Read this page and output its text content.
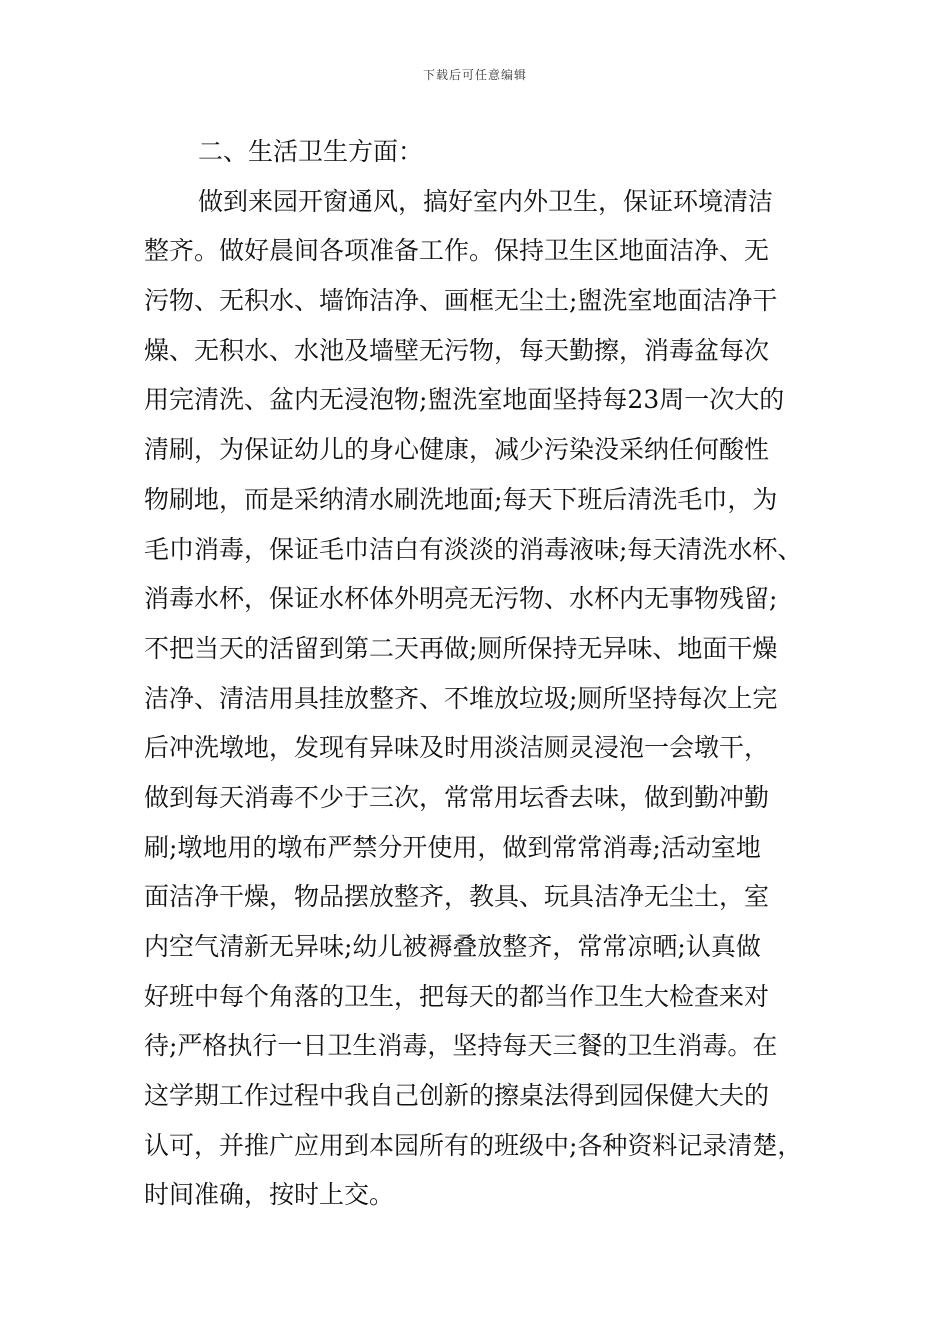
下载后可任意编辑
二、生活卫生方面：
做到来园开窗通风，搞好室内外卫生，保证环境清洁
整齐。做好晨间各项准备工作。保持卫生区地面洁净、无
污物、无积水、墙饰洁净、画框无尘土;盥洗室地面洁净干
燥、无积水、水池及墙壁无污物，每天勤擦，消毒盆每次
用完清洗、盆内无浸泡物;盥洗室地面坚持每23周一次大的
清刷，为保证幼儿的身心健康，减少污染没采纳任何酸性
物刷地，而是采纳清水刷洗地面;每天下班后清洗毛巾，为
毛巾消毒，保证毛巾洁白有淡淡的消毒液味;每天清洗水杯、
消毒水杯，保证水杯体外明亮无污物、水杯内无事物残留;
不把当天的活留到第二天再做;厕所保持无异味、地面干燥
洁净、清洁用具挂放整齐、不堆放垃圾;厕所坚持每次上完
后冲洗墩地，发现有异味及时用淡洁厕灵浸泡一会墩干，
做到每天消毒不少于三次，常常用坛香去味，做到勤冲勤
刷;墩地用的墩布严禁分开使用，做到常常消毒;活动室地
面洁净干燥，物品摆放整齐，教具、玩具洁净无尘土，室
内空气清新无异味;幼儿被褥叠放整齐，常常凉晒;认真做
好班中每个角落的卫生，把每天的都当作卫生大检查来对
待;严格执行一日卫生消毒，坚持每天三餐的卫生消毒。在
这学期工作过程中我自己创新的擦桌法得到园保健大夫的
认可，并推广应用到本园所有的班级中;各种资料记录清楚，
时间准确，按时上交。
